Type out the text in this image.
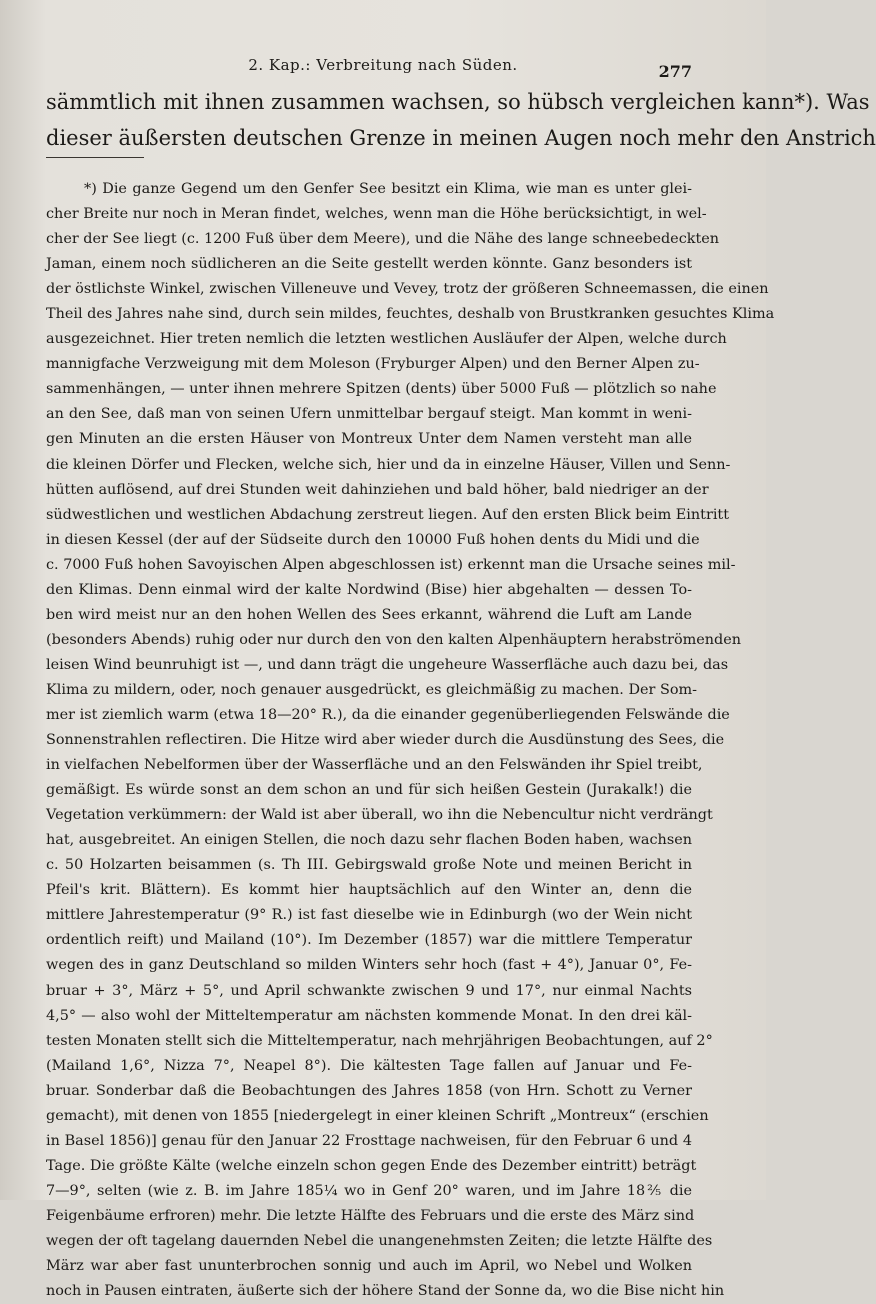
2. Kap.: Verbreitung nach Süden.	277
sämmtlich mit ihnen zusammen wachsen, so hübsch vergleichen kann*). Was
dieser äußersten deutschen Grenze in meinen Augen noch mehr den Anstrich
*) Die ganze Gegend um den Genfer See besitzt ein Klima, wie man es unter glei-
cher Breite nur noch in Meran findet, welches, wenn man die Höhe berücksichtigt, in wel-
cher der See liegt (c. 1200 Fuß über dem Meere), und die Nähe des lange schneebedeckten
Jaman, einem noch südlicheren an die Seite gestellt werden könnte. Ganz besonders ist
der östlichste Winkel, zwischen Villeneuve und Vevey, trotz der größeren Schneemassen, die einen
Theil des Jahres nahe sind, durch sein mildes, feuchtes, deshalb von Brustkranken gesuchtes Klima
ausgezeichnet. Hier treten nemlich die letzten westlichen Ausläufer der Alpen, welche durch
mannigfache Verzweigung mit dem Moleson (Fryburger Alpen) und den Berner Alpen zu-
sammenhängen, — unter ihnen mehrere Spitzen (dents) über 5000 Fuß — plötzlich so nahe
an den See, daß man von seinen Ufern unmittelbar bergauf steigt. Man kommt in weni-
gen Minuten an die ersten Häuser von Montreux Unter dem Namen versteht man alle
die kleinen Dörfer und Flecken, welche sich, hier und da in einzelne Häuser, Villen und Senn-
hütten auflösend, auf drei Stunden weit dahinziehen und bald höher, bald niedriger an der
südwestlichen und westlichen Abdachung zerstreut liegen. Auf den ersten Blick beim Eintritt
in diesen Kessel (der auf der Südseite durch den 10000 Fuß hohen dents du Midi und die
c. 7000 Fuß hohen Savoyischen Alpen abgeschlossen ist) erkennt man die Ursache seines mil-
den Klimas. Denn einmal wird der kalte Nordwind (Bise) hier abgehalten — dessen To-
ben wird meist nur an den hohen Wellen des Sees erkannt, während die Luft am Lande
(besonders Abends) ruhig oder nur durch den von den kalten Alpenhäuptern herabströmenden
leisen Wind beunruhigt ist —, und dann trägt die ungeheure Wasserfläche auch dazu bei, das
Klima zu mildern, oder, noch genauer ausgedrückt, es gleichmäßig zu machen. Der Som-
mer ist ziemlich warm (etwa 18—20° R.), da die einander gegenüberliegenden Felswände die
Sonnenstrahlen reflectiren. Die Hitze wird aber wieder durch die Ausdünstung des Sees, die
in vielfachen Nebelformen über der Wasserfläche und an den Felswänden ihr Spiel treibt,
gemäßigt. Es würde sonst an dem schon an und für sich heißen Gestein (Jurakalk!) die
Vegetation verkümmern: der Wald ist aber überall, wo ihn die Nebencultur nicht verdrängt
hat, ausgebreitet. An einigen Stellen, die noch dazu sehr flachen Boden haben, wachsen
c. 50 Holzarten beisammen (s. Th III. Gebirgswald große Note und meinen Bericht in
Pfeil's krit. Blättern). Es kommt hier hauptsächlich auf den Winter an, denn die
mittlere Jahrestemperatur (9° R.) ist fast dieselbe wie in Edinburgh (wo der Wein nicht
ordentlich reift) und Mailand (10°). Im Dezember (1857) war die mittlere Temperatur
wegen des in ganz Deutschland so milden Winters sehr hoch (fast + 4°), Januar 0°, Fe-
bruar + 3°, März + 5°, und April schwankte zwischen 9 und 17°, nur einmal Nachts
4,5° — also wohl der Mitteltemperatur am nächsten kommende Monat. In den drei käl-
testen Monaten stellt sich die Mitteltemperatur, nach mehrjährigen Beobachtungen, auf 2°
(Mailand 1,6°, Nizza 7°, Neapel 8°). Die kältesten Tage fallen auf Januar und Fe-
bruar. Sonderbar daß die Beobachtungen des Jahres 1858 (von Hrn. Schott zu Verner
gemacht), mit denen von 1855 [niedergelegt in einer kleinen Schrift „Montreux“ (erschien
in Basel 1856)] genau für den Januar 22 Frosttage nachweisen, für den Februar 6 und 4
Tage. Die größte Kälte (welche einzeln schon gegen Ende des Dezember eintritt) beträgt
7—9°, selten (wie z. B. im Jahre 185¼ wo in Genf 20° waren, und im Jahre 18⅖ die
Feigenbäume erfroren) mehr. Die letzte Hälfte des Februars und die erste des März sind
wegen der oft tagelang dauernden Nebel die unangenehmsten Zeiten; die letzte Hälfte des
März war aber fast ununterbrochen sonnig und auch im April, wo Nebel und Wolken
noch in Pausen eintraten, äußerte sich der höhere Stand der Sonne da, wo die Bise nicht hin
